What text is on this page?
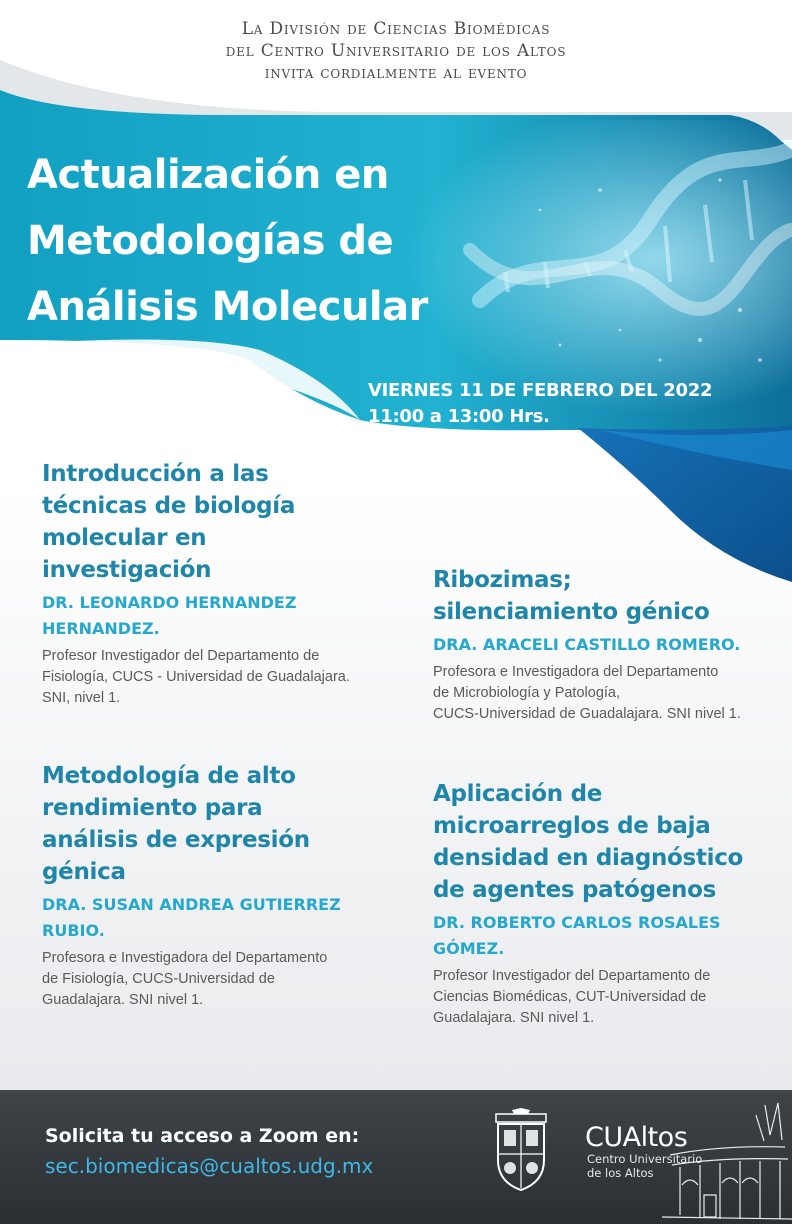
La División de Ciencias Biomédicas
del Centro Universitario de los Altos
invita cordialmente al evento
Actualización en
Metodologías de
Análisis Molecular
VIERNES 11 DE FEBRERO DEL 2022
11:00 a 13:00 Hrs.
Introducción a las
técnicas de biología
molecular en
investigación
DR. LEONARDO HERNANDEZ
HERNANDEZ.
Profesor Investigador del Departamento de
Fisiología, CUCS - Universidad de Guadalajara.
SNI, nivel 1.
Ribozimas;
silenciamiento génico
DRA. ARACELI CASTILLO ROMERO.
Profesora e Investigadora del Departamento
de Microbiología y Patología,
CUCS-Universidad de Guadalajara. SNI nivel 1.
Metodología de alto
rendimiento para
análisis de expresión
génica
DRA. SUSAN ANDREA GUTIERREZ
RUBIO.
Profesora e Investigadora del Departamento
de Fisiología, CUCS-Universidad de
Guadalajara. SNI nivel 1.
Aplicación de
microarreglos de baja
densidad en diagnóstico
de agentes patógenos
DR. ROBERTO CARLOS ROSALES
GÓMEZ.
Profesor Investigador del Departamento de
Ciencias Biomédicas, CUT-Universidad de
Guadalajara. SNI nivel 1.
Solicita tu acceso a Zoom en:
sec.biomedicas@cualtos.udg.mx
CUAltos
Centro Universitario
de los Altos
